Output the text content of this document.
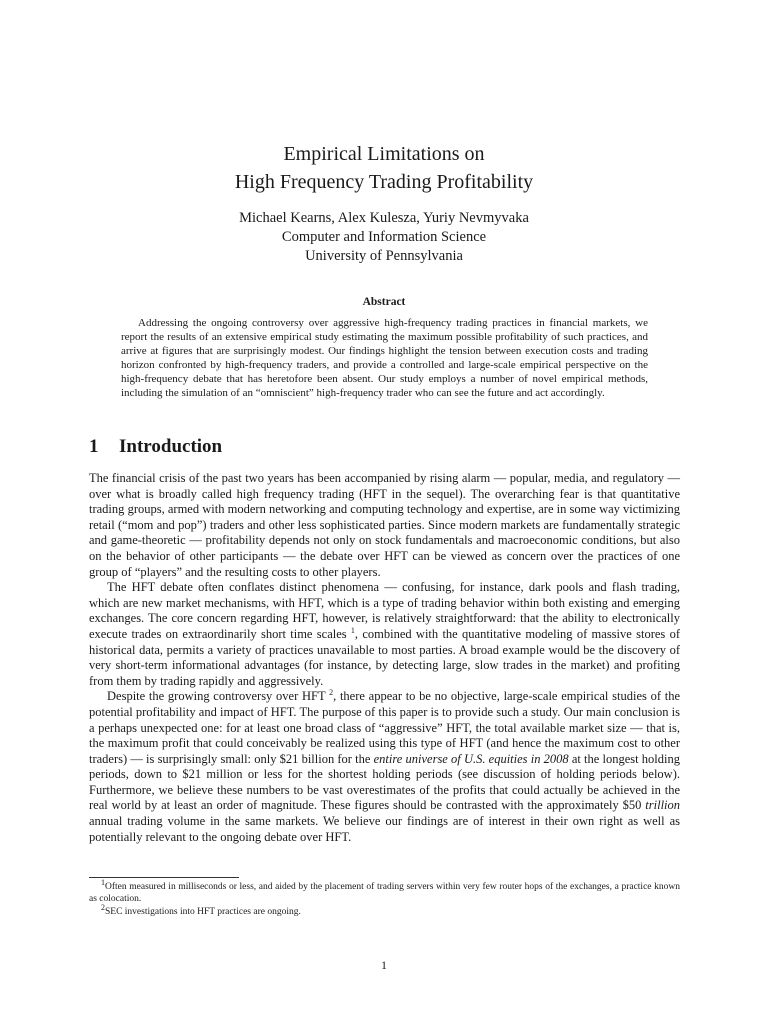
Empirical Limitations on
High Frequency Trading Profitability
Michael Kearns, Alex Kulesza, Yuriy Nevmyvaka
Computer and Information Science
University of Pennsylvania
Abstract

Addressing the ongoing controversy over aggressive high-frequency trading practices in financial markets, we report the results of an extensive empirical study estimating the maximum possible profitability of such practices, and arrive at figures that are surprisingly modest. Our findings highlight the tension between execution costs and trading horizon confronted by high-frequency traders, and provide a controlled and large-scale empirical perspective on the high-frequency debate that has heretofore been absent. Our study employs a number of novel empirical methods, including the simulation of an “omniscient” high-frequency trader who can see the future and act accordingly.

1 Introduction

The financial crisis of the past two years has been accompanied by rising alarm — popular, media, and regulatory — over what is broadly called high frequency trading (HFT in the sequel). The overarching fear is that quantitative trading groups, armed with modern networking and computing technology and expertise, are in some way victimizing retail (“mom and pop”) traders and other less sophisticated parties. Since modern markets are fundamentally strategic and game-theoretic — profitability depends not only on stock fundamentals and macroeconomic conditions, but also on the behavior of other participants — the debate over HFT can be viewed as concern over the practices of one group of “players” and the resulting costs to other players.

The HFT debate often conflates distinct phenomena — confusing, for instance, dark pools and flash trading, which are new market mechanisms, with HFT, which is a type of trading behavior within both existing and emerging exchanges. The core concern regarding HFT, however, is relatively straightforward: that the ability to electronically execute trades on extraordinarily short time scales $^1$, combined with the quantitative modeling of massive stores of historical data, permits a variety of practices unavailable to most parties. A broad example would be the discovery of very short-term informational advantages (for instance, by detecting large, slow trades in the market) and profiting from them by trading rapidly and aggressively.

Despite the growing controversy over HFT $^2$, there appear to be no objective, large-scale empirical studies of the potential profitability and impact of HFT. The purpose of this paper is to provide such a study. Our main conclusion is a perhaps unexpected one: for at least one broad class of “aggressive” HFT, the total available market size — that is, the maximum profit that could conceivably be realized using this type of HFT (and hence the maximum cost to other traders) — is surprisingly small: only $21 billion for the entire universe of U.S. equities in 2008 at the longest holding periods, down to $21 million or less for the shortest holding periods (see discussion of holding periods below). Furthermore, we believe these numbers to be vast overestimates of the profits that could actually be achieved in the real world by at least an order of magnitude. These figures should be contrasted with the approximately $50 trillion annual trading volume in the same markets. We believe our findings are of interest in their own right as well as potentially relevant to the ongoing debate over HFT.

$^1$Often measured in milliseconds or less, and aided by the placement of trading servers within very few router hops of the exchanges, a practice known as colocation.

$^2$SEC investigations into HFT practices are ongoing.

1
